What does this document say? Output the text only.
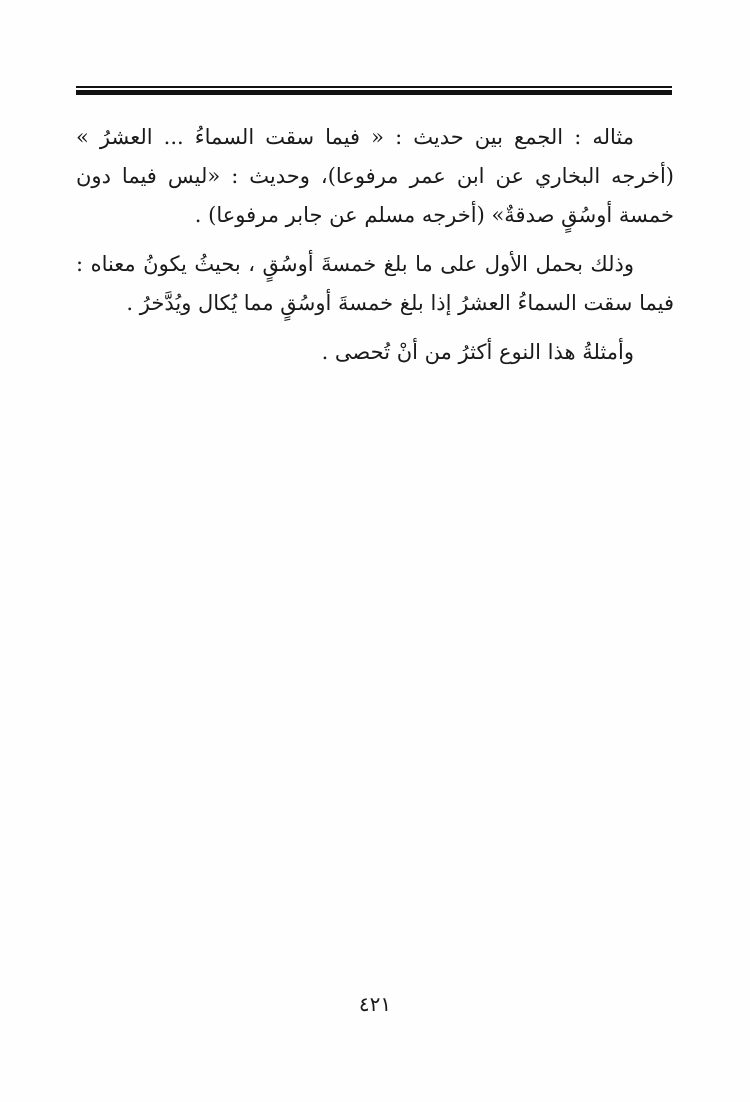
مثاله : الجمع بين حديث : « فيما سقت السماءُ ... العشرُ » (أخرجه البخاري عن ابن عمر مرفوعا)، وحديث : «ليس فيما دون خمسة أوسُقٍ صدقةٌ» (أخرجه مسلم عن جابر مرفوعا) .

وذلك بحمل الأول على ما بلغ خمسةَ أوسُقٍ ، بحيثُ يكونُ معناه : فيما سقت السماءُ العشرُ إذا بلغ خمسةَ أوسُقٍ مما يُكال ويُدَّخرُ .

وأمثلةُ هذا النوع أكثرُ من أنْ تُحصى .

٤٢١
